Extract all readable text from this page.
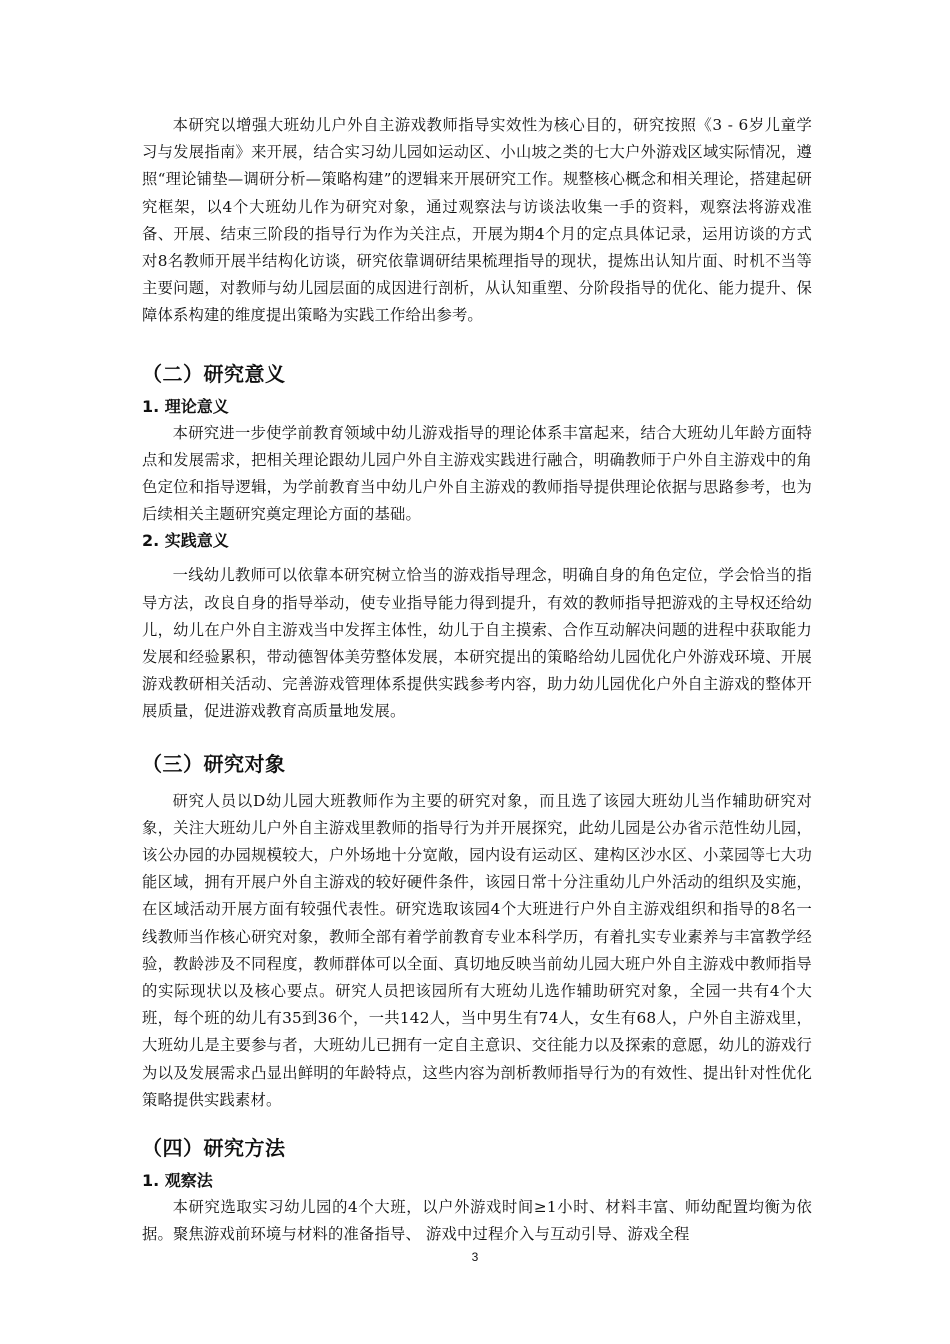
本研究以增强大班幼儿户外自主游戏教师指导实效性为核心目的，研究按照《3 - 6岁儿童学习与发展指南》来开展，结合实习幼儿园如运动区、小山坡之类的七大户外游戏区域实际情况，遵照“理论铺垫—调研分析—策略构建”的逻辑来开展研究工作。规整核心概念和相关理论，搭建起研究框架，以4个大班幼儿作为研究对象，通过观察法与访谈法收集一手的资料，观察法将游戏准备、开展、结束三阶段的指导行为作为关注点，开展为期4个月的定点具体记录，运用访谈的方式对8名教师开展半结构化访谈，研究依靠调研结果梳理指导的现状，提炼出认知片面、时机不当等主要问题，对教师与幼儿园层面的成因进行剖析，从认知重塑、分阶段指导的优化、能力提升、保障体系构建的维度提出策略为实践工作给出参考。

（二）研究意义
1. 理论意义

本研究进一步使学前教育领域中幼儿游戏指导的理论体系丰富起来，结合大班幼儿年龄方面特点和发展需求，把相关理论跟幼儿园户外自主游戏实践进行融合，明确教师于户外自主游戏中的角色定位和指导逻辑，为学前教育当中幼儿户外自主游戏的教师指导提供理论依据与思路参考，也为后续相关主题研究奠定理论方面的基础。

2. 实践意义

一线幼儿教师可以依靠本研究树立恰当的游戏指导理念，明确自身的角色定位，学会恰当的指导方法，改良自身的指导举动，使专业指导能力得到提升，有效的教师指导把游戏的主导权还给幼儿，幼儿在户外自主游戏当中发挥主体性，幼儿于自主摸索、合作互动解决问题的进程中获取能力发展和经验累积，带动德智体美劳整体发展，本研究提出的策略给幼儿园优化户外游戏环境、开展游戏教研相关活动、完善游戏管理体系提供实践参考内容，助力幼儿园优化户外自主游戏的整体开展质量，促进游戏教育高质量地发展。

（三）研究对象

研究人员以D幼儿园大班教师作为主要的研究对象，而且选了该园大班幼儿当作辅助研究对象，关注大班幼儿户外自主游戏里教师的指导行为并开展探究，此幼儿园是公办省示范性幼儿园，该公办园的办园规模较大，户外场地十分宽敞，园内设有运动区、建构区沙水区、小菜园等七大功能区域，拥有开展户外自主游戏的较好硬件条件，该园日常十分注重幼儿户外活动的组织及实施，在区域活动开展方面有较强代表性。研究选取该园4个大班进行户外自主游戏组织和指导的8名一线教师当作核心研究对象，教师全部有着学前教育专业本科学历，有着扎实专业素养与丰富教学经验，教龄涉及不同程度，教师群体可以全面、真切地反映当前幼儿园大班户外自主游戏中教师指导的实际现状以及核心要点。研究人员把该园所有大班幼儿选作辅助研究对象，全园一共有4个大班，每个班的幼儿有35到36个，一共142人，当中男生有74人，女生有68人，户外自主游戏里，大班幼儿是主要参与者，大班幼儿已拥有一定自主意识、交往能力以及探索的意愿，幼儿的游戏行为以及发展需求凸显出鲜明的年龄特点，这些内容为剖析教师指导行为的有效性、提出针对性优化策略提供实践素材。

（四）研究方法
1. 观察法

本研究选取实习幼儿园的4个大班，以户外游戏时间≥1小时、材料丰富、师幼配置均衡为依据。聚焦游戏前环境与材料的准备指导、 游戏中过程介入与互动引导、游戏全程

3
